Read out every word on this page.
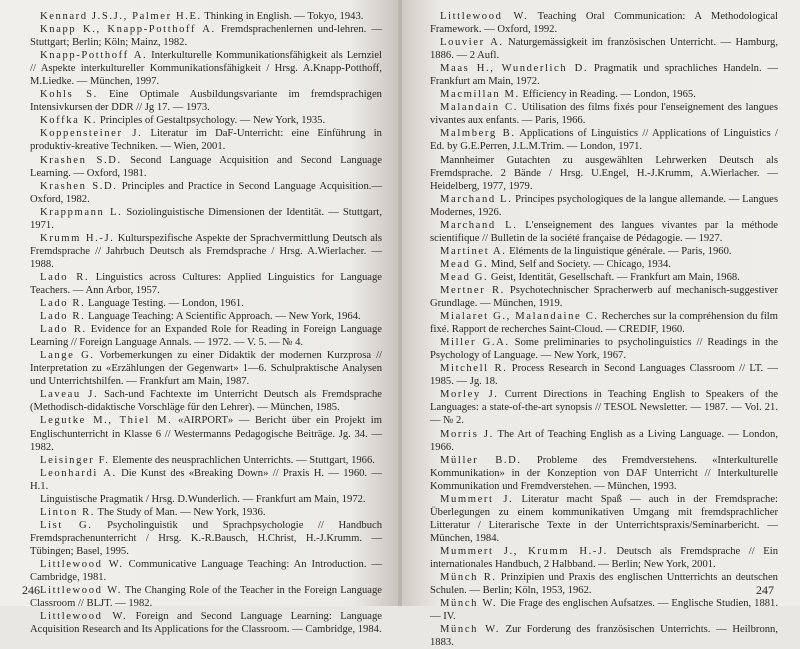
Kennard J.S.J., Palmer H.E. Thinking in English. — Tokyo, 1943.
Knapp K., Knapp-Potthoff A. Fremdsprachenlernen und-lehren. — Stuttgart; Berlin; Köln; Mainz, 1982.
Knapp-Potthoff A. Interkulturelle Kommunikationsfähigkeit als Lernziel // Aspekte interkultureller Kommunikationsfähigkeit / Hrsg. A.Knapp-Potthoff, M.Liedke. — München, 1997.
Kohls S. Eine Optimale Ausbildungsvariante im fremdsprachigen Intensivkursen der DDR // Jg 17. — 1973.
Koffka K. Principles of Gestaltpsychology. — New York, 1935.
Koppensteiner J. Literatur im DaF-Unterricht: eine Einführung in produktiv-kreative Techniken. — Wien, 2001.
Krashen S.D. Second Language Acquisition and Second Language Learning. — Oxford, 1981.
Krashen S.D. Principles and Practice in Second Language Acquisition.— Oxford, 1982.
Krappmann L. Soziolinguistische Dimensionen der Identität. — Stuttgart, 1971.
Krumm H.-J. Kulturspezifische Aspekte der Sprachvermittlung Deutsch als Fremdsprache // Jahrbuch Deutsch als Fremdsprache / Hrsg. A.Wierlacher. — 1988.
Lado R. Linguistics across Cultures: Applied Linguistics for Language Teachers. — Ann Arbor, 1957.
Lado R. Language Testing. — London, 1961.
Lado R. Language Teaching: A Scientific Approach. — New York, 1964.
Lado R. Evidence for an Expanded Role for Reading in Foreign Language Learning // Foreign Language Annals. — 1972. — V. 5. — № 4.
Lange G. Vorbemerkungen zu einer Didaktik der modernen Kurzprosa // Interpretation zu «Erzählungen der Gegenwart» 1—6. Schulpraktische Analysen und Unterrichtshilfen. — Frankfurt am Main, 1987.
Laveau J. Sach-und Fachtexte im Unterricht Deutsch als Fremdsprache (Methodisch-didaktische Vorschläge für den Lehrer). — München, 1985.
Legutke M., Thiel M. «AIRPORT» — Bericht über ein Projekt im Englischunterricht in Klasse 6 // Westermanns Pedagogische Beiträge. Jg. 34. — 1982.
Leisinger F. Elemente des neusprachlichen Unterrichts. — Stuttgart, 1966.
Leonhardi A. Die Kunst des «Breaking Down» // Praxis H. — 1960. — H.1.
Linguistische Pragmatik / Hrsg. D.Wunderlich. — Frankfurt am Main, 1972.
Linton R. The Study of Man. — New York, 1936.
List G. Psycholinguistik und Sprachpsychologie // Handbuch Fremdsprachenunterricht / Hrsg. K.-R.Bausch, H.Christ, H.-J.Krumm. — Tübingen; Basel, 1995.
Littlewood W. Communicative Language Teaching: An Introduction. — Cambridge, 1981.
Littlewood W. The Changing Role of the Teacher in the Foreign Language Classroom // BLJT. — 1982.
Littlewood W. Foreign and Second Language Learning: Language Acquisition Research and Its Applications for the Classroom. — Cambridge, 1984.
246
Littlewood W. Teaching Oral Communication: A Methodological Framework. — Oxford, 1992.
Louvier A. Naturgemässigkeit im französischen Unterricht. — Hamburg, 1886. — 2 Aufl.
Maas H., Wunderlich D. Pragmatik und sprachliches Handeln. — Frankfurt am Main, 1972.
Macmillan M. Efficiency in Reading. — London, 1965.
Malandain C. Utilisation des films fixés pour l'enseignement des langues vivantes aux enfants. — Paris, 1966.
Malmberg B. Applications of Linguistics // Applications of Linguistics / Ed. by G.E.Perren, J.L.M.Trim. — London, 1971.
Mannheimer Gutachten zu ausgewählten Lehrwerken Deutsch als Fremdsprache. 2 Bände / Hrsg. U.Engel, H.-J.Krumm, A.Wierlacher. — Heidelberg, 1977, 1979.
Marchand L. Principes psychologiques de la langue allemande. — Langues Modernes, 1926.
Marchand L. L'enseignement des langues vivantes par la méthode scientifique // Bulletin de la société française de Pédagogie. — 1927.
Martinet A. Eléments de la linguistique générale. — Paris, 1960.
Mead G. Mind, Self and Society. — Chicago, 1934.
Mead G. Geist, Identität, Gesellschaft. — Frankfurt am Main, 1968.
Mertner R. Psychotechnischer Spracherwerb auf mechanisch-suggestiver Grundlage. — München, 1919.
Mialaret G., Malandaine C. Recherches sur la compréhension du film fixé. Rapport de recherches Saint-Cloud. — CREDIF, 1960.
Miller G.A. Some preliminaries to psycholinguistics // Readings in the Psychology of Language. — New York, 1967.
Mitchell R. Process Research in Second Languages Classroom // LT. — 1985. — Jg. 18.
Morley J. Current Directions in Teaching English to Speakers of the Languages: a state-of-the-art synopsis // TESOL Newsletter. — 1987. — Vol. 21. — № 2.
Morris J. The Art of Teaching English as a Living Language. — London, 1966.
Müller B.D. Probleme des Fremdverstehens. «Interkulturelle Kommunikation» in der Konzeption von DAF Unterricht // Interkulturelle Kommunikation und Fremdverstehen. — München, 1993.
Mummert J. Literatur macht Spaß — auch in der Fremdsprache: Überlegungen zu einem kommunikativen Umgang mit fremdsprachlicher Litteratur / Literarische Texte in der Unterrichtspraxis/Seminarbericht. — München, 1984.
Mummert J., Krumm H.-J. Deutsch als Fremdsprache // Ein internationales Handbuch, 2 Halbband. — Berlin; New York, 2001.
Münch R. Prinzipien und Praxis des englischen Untterrichts an deutschen Schulen. — Berlin; Köln, 1953, 1962.
Münch W. Die Frage des englischen Aufsatzes. — Englische Studien, 1881. — IV.
Münch W. Zur Forderung des französischen Unterrichts. — Heilbronn, 1883.
247
